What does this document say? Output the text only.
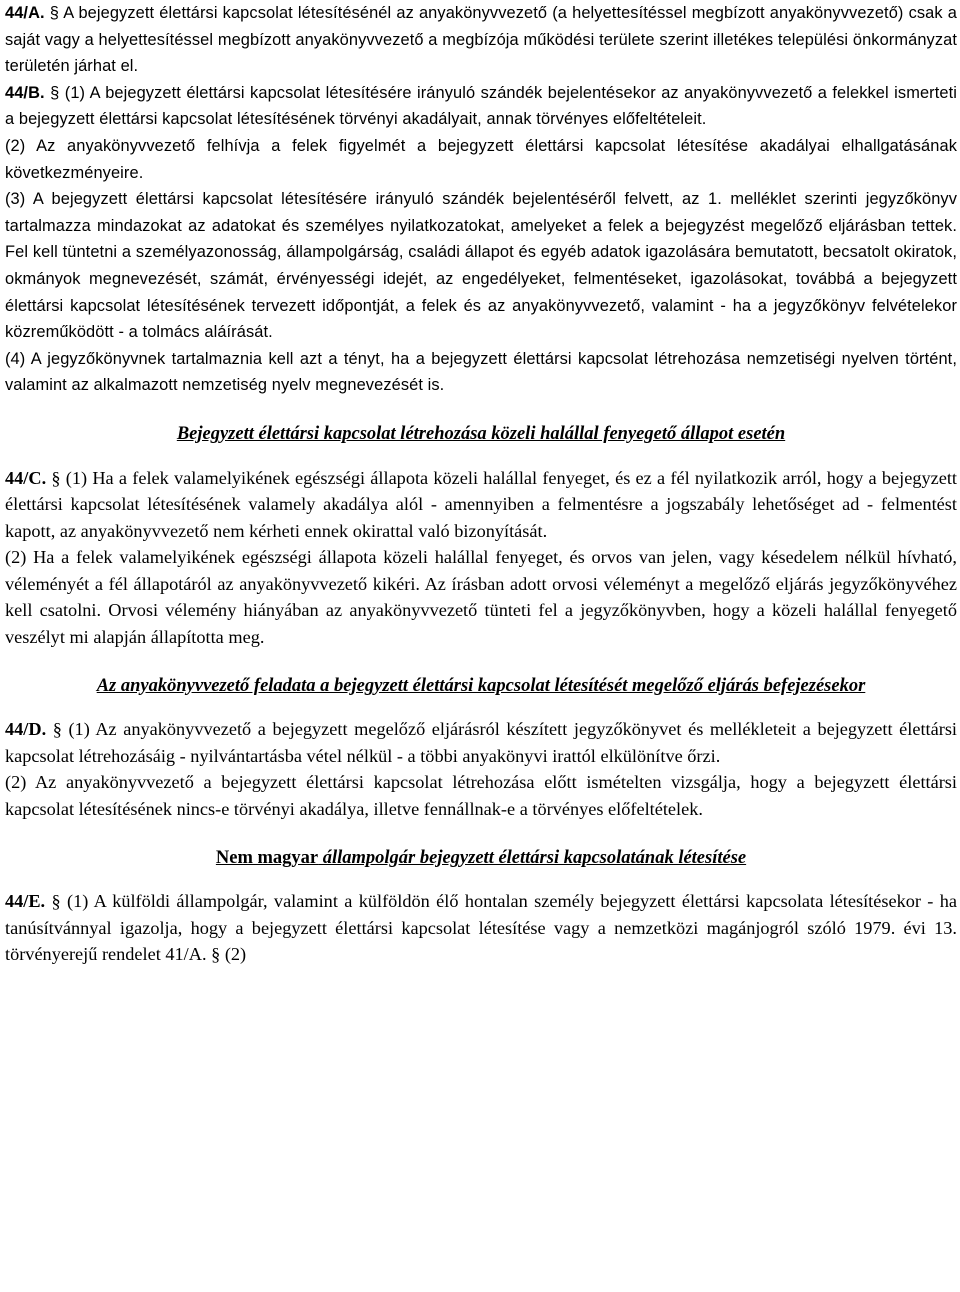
44/A. § A bejegyzett élettársi kapcsolat létesítésénél az anyakönyvvezető (a helyettesítéssel megbízott anyakönyvvezető) csak a saját vagy a helyettesítéssel megbízott anyakönyvvezető a megbízója működési területe szerint illetékes települési önkormányzat területén járhat el.

44/B. § (1) A bejegyzett élettársi kapcsolat létesítésére irányuló szándék bejelentésekor az anyakönyvvezető a felekkel ismerteti a bejegyzett élettársi kapcsolat létesítésének törvényi akadályait, annak törvényes előfeltételeit.

(2) Az anyakönyvvezető felhívja a felek figyelmét a bejegyzett élettársi kapcsolat létesítése akadályai elhallgatásának következményeire.

(3) A bejegyzett élettársi kapcsolat létesítésére irányuló szándék bejelentéséről felvett, az 1. melléklet szerinti jegyzőkönyv tartalmazza mindazokat az adatokat és személyes nyilatkozatokat, amelyeket a felek a bejegyzést megelőző eljárásban tettek. Fel kell tüntetni a személyazonosság, állampolgárság, családi állapot és egyéb adatok igazolására bemutatott, becsatolt okiratok, okmányok megnevezését, számát, érvényességi idejét, az engedélyeket, felmentéseket, igazolásokat, továbbá a bejegyzett élettársi kapcsolat létesítésének tervezett időpontját, a felek és az anyakönyvvezető, valamint - ha a jegyzőkönyv felvételekor közreműködött - a tolmács aláírását.

(4) A jegyzőkönyvnek tartalmaznia kell azt a tényt, ha a bejegyzett élettársi kapcsolat létrehozása nemzetiségi nyelven történt, valamint az alkalmazott nemzetiség nyelv megnevezését is.

Bejegyzett élettársi kapcsolat létrehozása közeli halállal fenyegető állapot esetén

44/C. § (1) Ha a felek valamelyikének egészségi állapota közeli halállal fenyeget, és ez a fél nyilatkozik arról, hogy a bejegyzett élettársi kapcsolat létesítésének valamely akadálya alól - amennyiben a felmentésre a jogszabály lehetőséget ad - felmentést kapott, az anyakönyvvezető nem kérheti ennek okirattal való bizonyítását.

(2) Ha a felek valamelyikének egészségi állapota közeli halállal fenyeget, és orvos van jelen, vagy késedelem nélkül hívható, véleményét a fél állapotáról az anyakönyvvezető kikéri. Az írásban adott orvosi véleményt a megelőző eljárás jegyzőkönyvéhez kell csatolni. Orvosi vélemény hiányában az anyakönyvvezető tünteti fel a jegyzőkönyvben, hogy a közeli halállal fenyegető veszélyt mi alapján állapította meg.

Az anyakönyvvezető feladata a bejegyzett élettársi kapcsolat létesítését megelőző eljárás befejezésekor

44/D. § (1) Az anyakönyvvezető a bejegyzett megelőző eljárásról készített jegyzőkönyvet és mellékleteit a bejegyzett élettársi kapcsolat létrehozásáig - nyilvántartásba vétel nélkül - a többi anyakönyvi irattól elkülönítve őrzi.

(2) Az anyakönyvvezető a bejegyzett élettársi kapcsolat létrehozása előtt ismételten vizsgálja, hogy a bejegyzett élettársi kapcsolat létesítésének nincs-e törvényi akadálya, illetve fennállnak-e a törvényes előfeltételek.

Nem magyar állampolgár bejegyzett élettársi kapcsolatának létesítése

44/E. § (1) A külföldi állampolgár, valamint a külföldön élő hontalan személy bejegyzett élettársi kapcsolata létesítésekor - ha tanúsítvánnyal igazolja, hogy a bejegyzett élettársi kapcsolat létesítése vagy a nemzetközi magánjogról szóló 1979. évi 13. törvényerejű rendelet 41/A. § (2)
